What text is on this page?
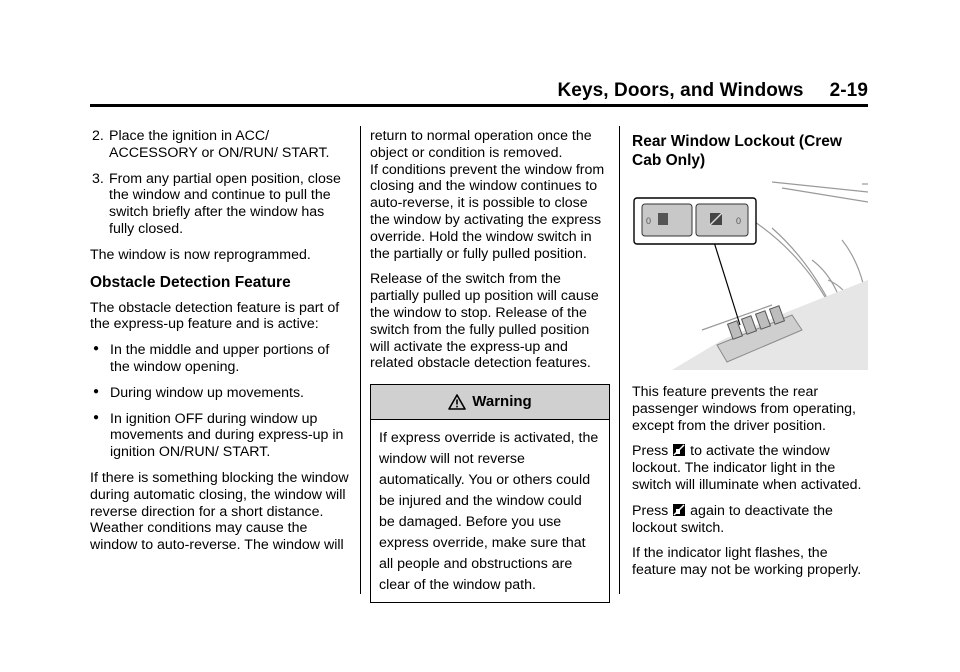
Keys, Doors, and Windows 2-19
2. Place the ignition in ACC/ ACCESSORY or ON/RUN/ START.
3. From any partial open position, close the window and continue to pull the switch briefly after the window has fully closed.

The window is now reprogrammed.

Obstacle Detection Feature

The obstacle detection feature is part of the express-up feature and is active:

● In the middle and upper portions of the window opening.
● During window up movements.
● In ignition OFF during window up movements and during express-up in ignition ON/RUN/ START.

If there is something blocking the window during automatic closing, the window will reverse direction for a short distance. Weather conditions may cause the window to auto-reverse. The window will

return to normal operation once the object or condition is removed.

If conditions prevent the window from closing and the window continues to auto-reverse, it is possible to close the window by activating the express override. Hold the window switch in the partially or fully pulled position.

Release of the switch from the partially pulled up position will cause the window to stop. Release of the switch from the fully pulled position will activate the express-up and related obstacle detection features.

Warning
If express override is activated, the window will not reverse automatically. You or others could be injured and the window could be damaged. Before you use express override, make sure that all people and obstructions are clear of the window path.
Rear Window Lockout (Crew Cab Only)
0	0

This feature prevents the rear passenger windows from operating, except from the driver position.

Press to activate the window lockout. The indicator light in the switch will illuminate when activated.

Press again to deactivate the lockout switch.

If the indicator light flashes, the feature may not be working properly.
